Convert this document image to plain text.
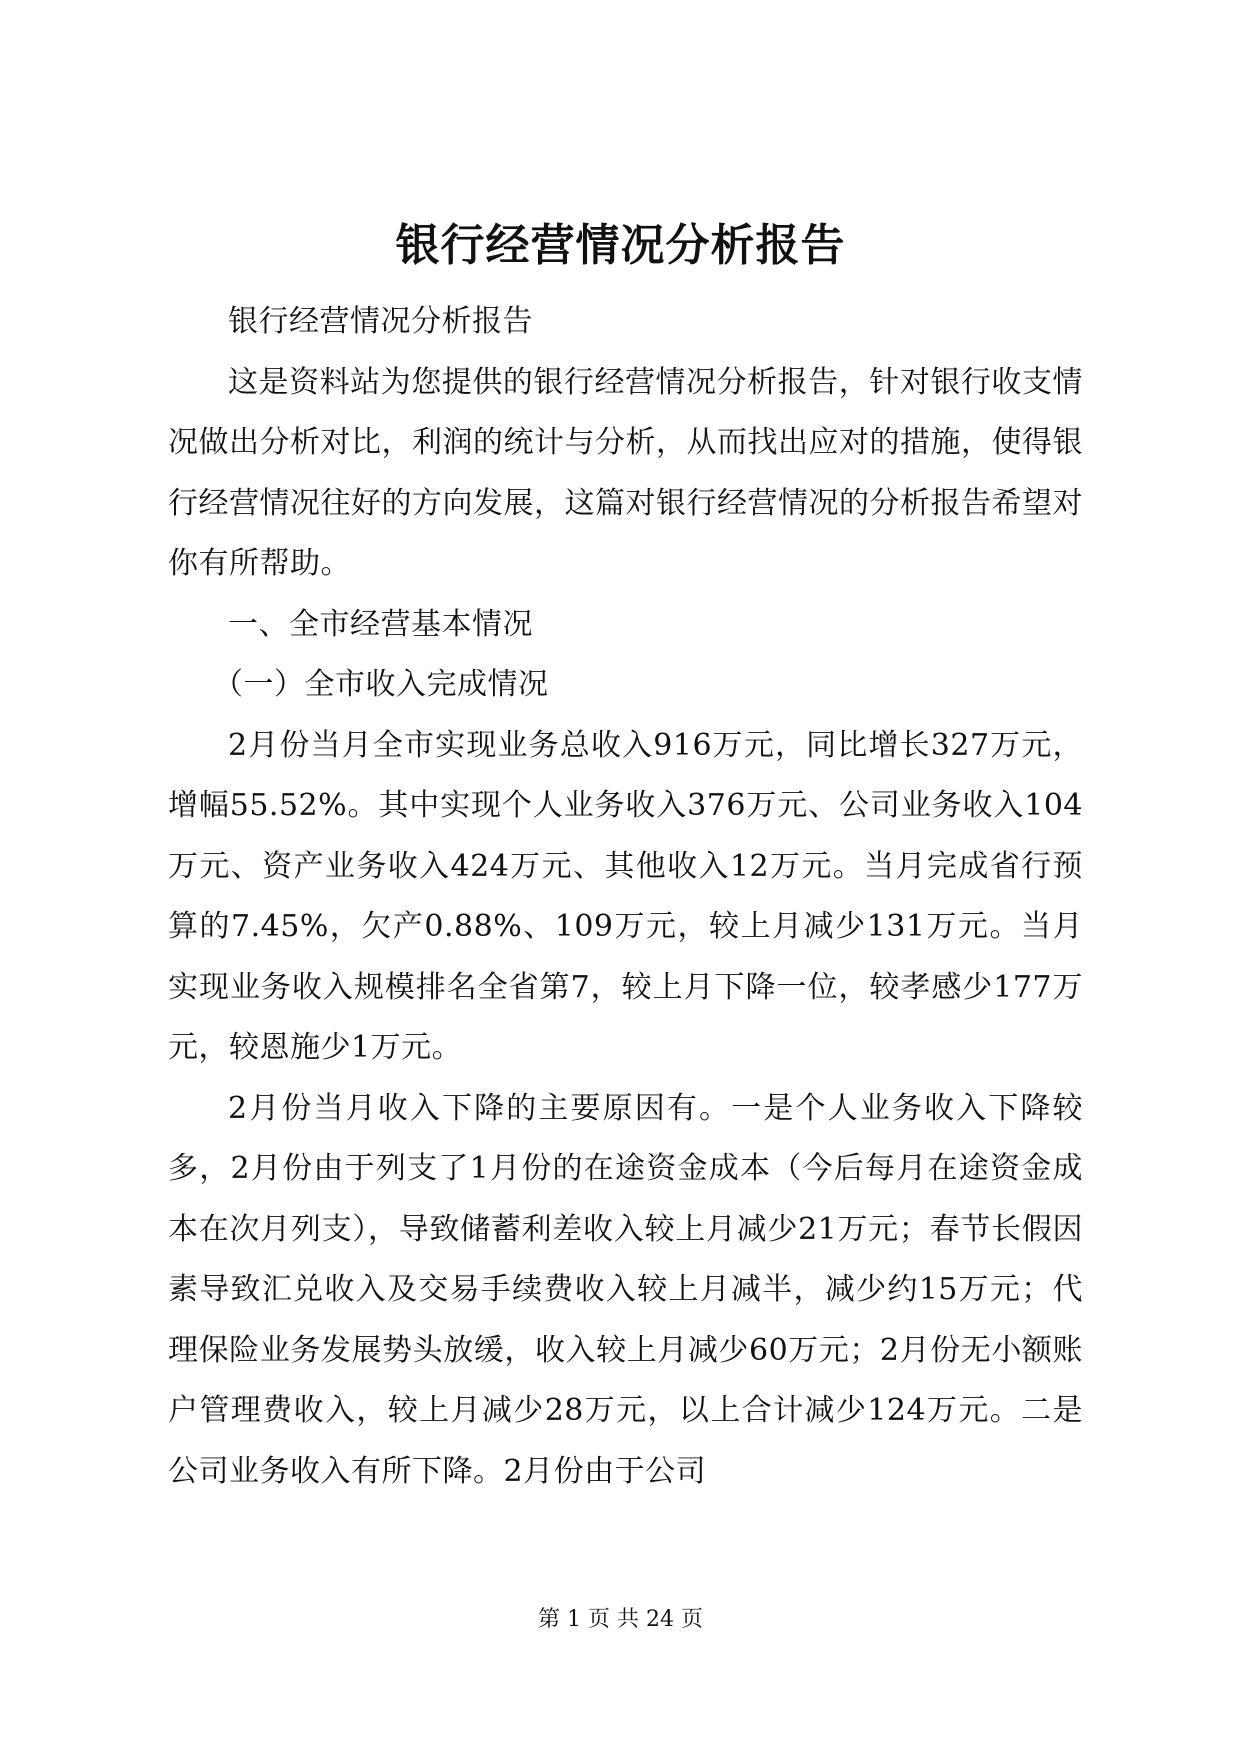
银行经营情况分析报告

银行经营情况分析报告

这是资料站为您提供的银行经营情况分析报告，针对银行收支情况做出分析对比，利润的统计与分析，从而找出应对的措施，使得银行经营情况往好的方向发展，这篇对银行经营情况的分析报告希望对你有所帮助。

一、全市经营基本情况

（一）全市收入完成情况

2月份当月全市实现业务总收入916万元，同比增长327万元，增幅55.52%。其中实现个人业务收入376万元、公司业务收入104万元、资产业务收入424万元、其他收入12万元。当月完成省行预算的7.45%，欠产0.88%、109万元，较上月减少131万元。当月实现业务收入规模排名全省第7，较上月下降一位，较孝感少177万元，较恩施少1万元。

2月份当月收入下降的主要原因有。一是个人业务收入下降较多，2月份由于列支了1月份的在途资金成本（今后每月在途资金成本在次月列支），导致储蓄利差收入较上月减少21万元；春节长假因素导致汇兑收入及交易手续费收入较上月减半，减少约15万元；代理保险业务发展势头放缓，收入较上月减少60万元；2月份无小额账户管理费收入，较上月减少28万元，以上合计减少124万元。二是公司业务收入有所下降。2月份由于公司

第 1 页 共 24 页
